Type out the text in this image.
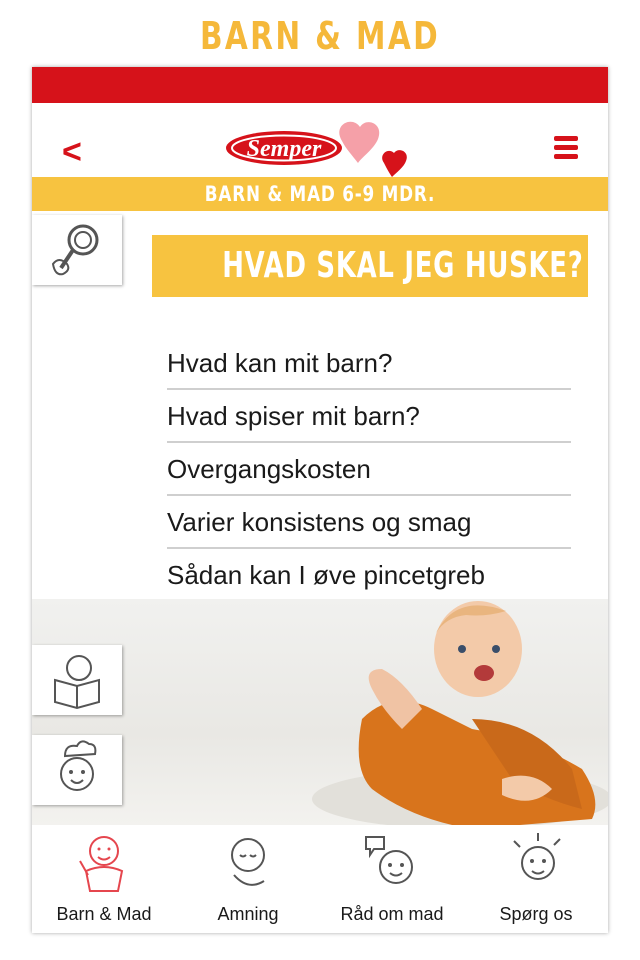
BARN & MAD
<	Semper
BARN & MAD 6-9 MDR.
HVAD SKAL JEG HUSKE?
Hvad kan mit barn?
Hvad spiser mit barn?
Overgangskosten
Varier konsistens og smag
Sådan kan I øve pincetgreb
Barn & Mad	Amning	Råd om mad	Spørg os
